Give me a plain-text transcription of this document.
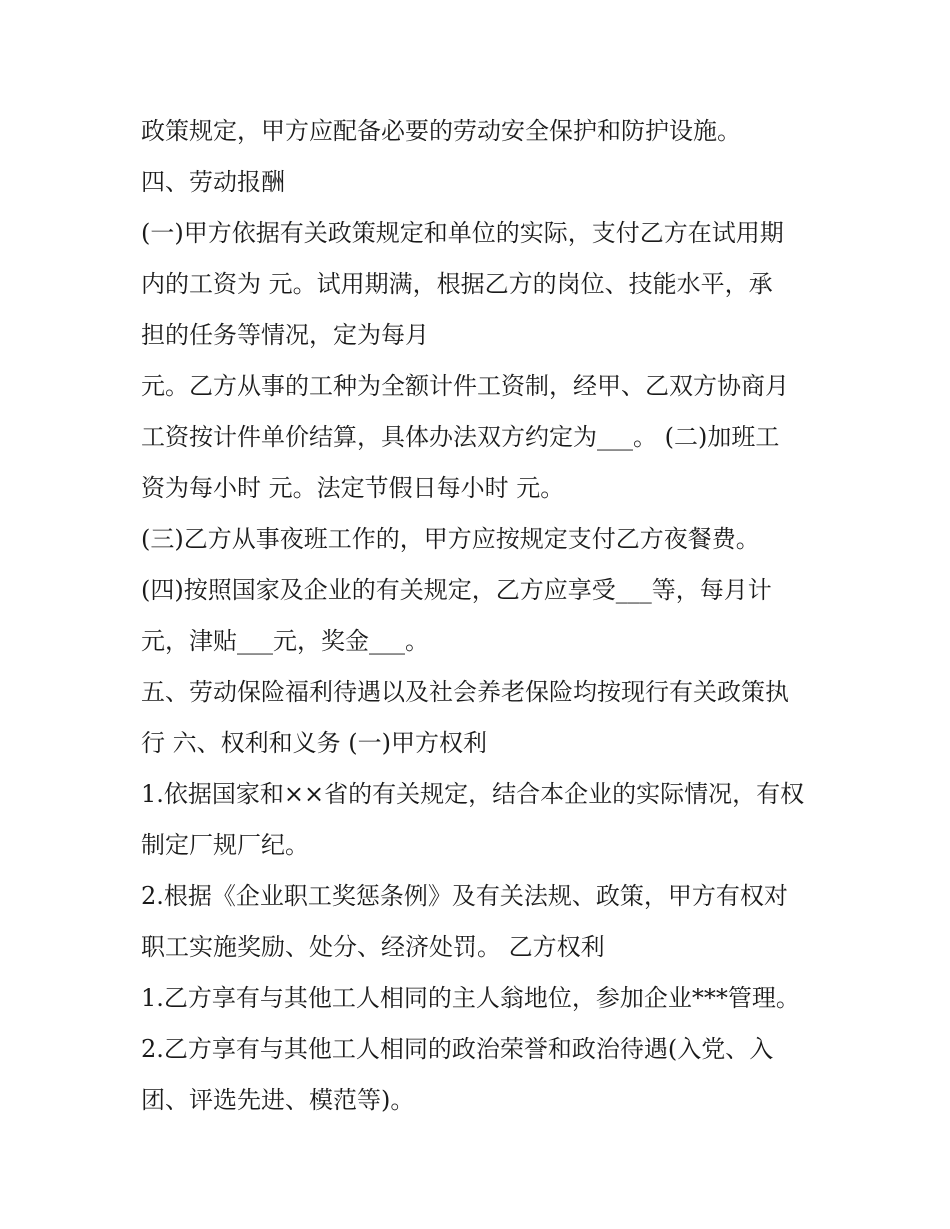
政策规定，甲方应配备必要的劳动安全保护和防护设施。
四、劳动报酬
(一)甲方依据有关政策规定和单位的实际，支付乙方在试用期
内的工资为 元。试用期满，根据乙方的岗位、技能水平，承
担的任务等情况，定为每月
元。乙方从事的工种为全额计件工资制，经甲、乙双方协商月
工资按计件单价结算，具体办法双方约定为___。 (二)加班工
资为每小时 元。法定节假日每小时 元。
(三)乙方从事夜班工作的，甲方应按规定支付乙方夜餐费。
(四)按照国家及企业的有关规定，乙方应享受___等，每月计
元，津贴___元，奖金___。
五、劳动保险福利待遇以及社会养老保险均按现行有关政策执
行 六、权利和义务 (一)甲方权利
1.依据国家和××省的有关规定，结合本企业的实际情况，有权
制定厂规厂纪。
2.根据《企业职工奖惩条例》及有关法规、政策，甲方有权对
职工实施奖励、处分、经济处罚。 乙方权利
1.乙方享有与其他工人相同的主人翁地位，参加企业***管理。
2.乙方享有与其他工人相同的政治荣誉和政治待遇(入党、入
团、评选先进、模范等)。
